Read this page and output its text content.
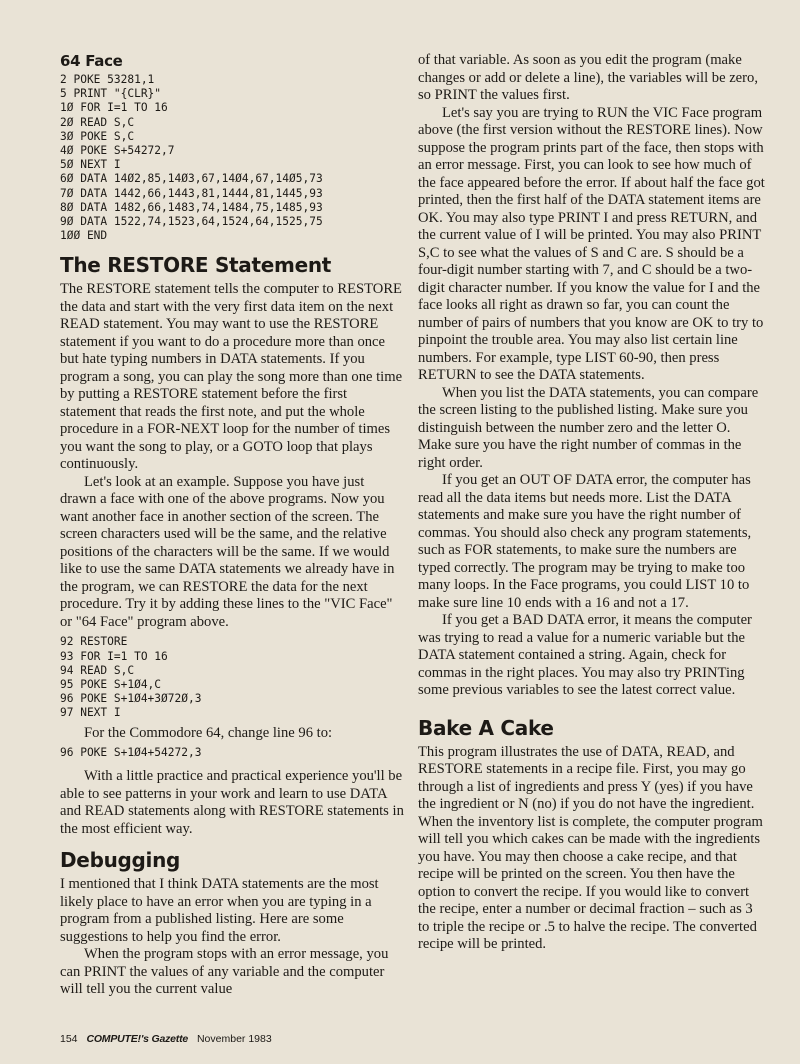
64 Face
2 POKE 53281,1
5 PRINT "{CLR}"
1Ø FOR I=1 TO 16
2Ø READ S,C
3Ø POKE S,C
4Ø POKE S+54272,7
5Ø NEXT I
6Ø DATA 14Ø2,85,14Ø3,67,14Ø4,67,14Ø5,73
7Ø DATA 1442,66,1443,81,1444,81,1445,93
8Ø DATA 1482,66,1483,74,1484,75,1485,93
9Ø DATA 1522,74,1523,64,1524,64,1525,75
1ØØ END
The RESTORE Statement

The RESTORE statement tells the computer to RESTORE the data and start with the very first data item on the next READ statement. You may want to use the RESTORE statement if you want to do a procedure more than once but hate typing numbers in DATA statements. If you program a song, you can play the song more than one time by putting a RESTORE statement before the first statement that reads the first note, and put the whole procedure in a FOR-NEXT loop for the number of times you want the song to play, or a GOTO loop that plays continuously.

Let's look at an example. Suppose you have just drawn a face with one of the above programs. Now you want another face in another section of the screen. The screen characters used will be the same, and the relative positions of the characters will be the same. If we would like to use the same DATA statements we already have in the program, we can RESTORE the data for the next procedure. Try it by adding these lines to the "VIC Face" or "64 Face" program above.

92 RESTORE
93 FOR I=1 TO 16
94 READ S,C
95 POKE S+1Ø4,C
96 POKE S+1Ø4+3Ø72Ø,3
97 NEXT I

For the Commodore 64, change line 96 to:

96 POKE S+1Ø4+54272,3

With a little practice and practical experience you'll be able to see patterns in your work and learn to use DATA and READ statements along with RESTORE statements in the most efficient way.

Debugging

I mentioned that I think DATA statements are the most likely place to have an error when you are typing in a program from a published listing. Here are some suggestions to help you find the error.

When the program stops with an error message, you can PRINT the values of any variable and the computer will tell you the current value

of that variable. As soon as you edit the program (make changes or add or delete a line), the variables will be zero, so PRINT the values first.

Let's say you are trying to RUN the VIC Face program above (the first version without the RESTORE lines). Now suppose the program prints part of the face, then stops with an error message. First, you can look to see how much of the face appeared before the error. If about half the face got printed, then the first half of the DATA statement items are OK. You may also type PRINT I and press RETURN, and the current value of I will be printed. You may also PRINT S,C to see what the values of S and C are. S should be a four-digit number starting with 7, and C should be a two-digit character number. If you know the value for I and the face looks all right as drawn so far, you can count the number of pairs of numbers that you know are OK to try to pinpoint the trouble area. You may also list certain line numbers. For example, type LIST 60-90, then press RETURN to see the DATA statements.

When you list the DATA statements, you can compare the screen listing to the published listing. Make sure you distinguish between the number zero and the letter O. Make sure you have the right number of commas in the right order.

If you get an OUT OF DATA error, the computer has read all the data items but needs more. List the DATA statements and make sure you have the right number of commas. You should also check any program statements, such as FOR statements, to make sure the numbers are typed correctly. The program may be trying to make too many loops. In the Face programs, you could LIST 10 to make sure line 10 ends with a 16 and not a 17.

If you get a BAD DATA error, it means the computer was trying to read a value for a numeric variable but the DATA statement contained a string. Again, check for commas in the right places. You may also try PRINTing some previous variables to see the latest correct value.

Bake A Cake

This program illustrates the use of DATA, READ, and RESTORE statements in a recipe file. First, you may go through a list of ingredients and press Y (yes) if you have the ingredient or N (no) if you do not have the ingredient. When the inventory list is complete, the computer program will tell you which cakes can be made with the ingredients you have. You may then choose a cake recipe, and that recipe will be printed on the screen. You then have the option to convert the recipe. If you would like to convert the recipe, enter a number or decimal fraction – such as 3 to triple the recipe or .5 to halve the recipe. The converted recipe will be printed.

154 COMPUTE!'s Gazette November 1983
